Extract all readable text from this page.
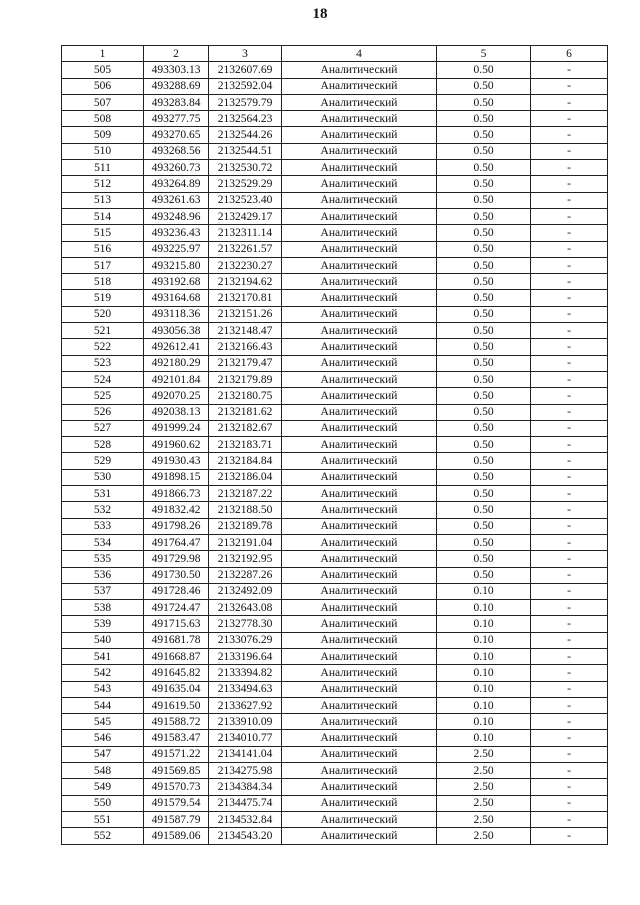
18
1	2	3	4	5	6
505	493303.13	2132607.69	Аналитический	0.50	-
506	493288.69	2132592.04	Аналитический	0.50	-
507	493283.84	2132579.79	Аналитический	0.50	-
508	493277.75	2132564.23	Аналитический	0.50	-
509	493270.65	2132544.26	Аналитический	0.50	-
510	493268.56	2132544.51	Аналитический	0.50	-
511	493260.73	2132530.72	Аналитический	0.50	-
512	493264.89	2132529.29	Аналитический	0.50	-
513	493261.63	2132523.40	Аналитический	0.50	-
514	493248.96	2132429.17	Аналитический	0.50	-
515	493236.43	2132311.14	Аналитический	0.50	-
516	493225.97	2132261.57	Аналитический	0.50	-
517	493215.80	2132230.27	Аналитический	0.50	-
518	493192.68	2132194.62	Аналитический	0.50	-
519	493164.68	2132170.81	Аналитический	0.50	-
520	493118.36	2132151.26	Аналитический	0.50	-
521	493056.38	2132148.47	Аналитический	0.50	-
522	492612.41	2132166.43	Аналитический	0.50	-
523	492180.29	2132179.47	Аналитический	0.50	-
524	492101.84	2132179.89	Аналитический	0.50	-
525	492070.25	2132180.75	Аналитический	0.50	-
526	492038.13	2132181.62	Аналитический	0.50	-
527	491999.24	2132182.67	Аналитический	0.50	-
528	491960.62	2132183.71	Аналитический	0.50	-
529	491930.43	2132184.84	Аналитический	0.50	-
530	491898.15	2132186.04	Аналитический	0.50	-
531	491866.73	2132187.22	Аналитический	0.50	-
532	491832.42	2132188.50	Аналитический	0.50	-
533	491798.26	2132189.78	Аналитический	0.50	-
534	491764.47	2132191.04	Аналитический	0.50	-
535	491729.98	2132192.95	Аналитический	0.50	-
536	491730.50	2132287.26	Аналитический	0.50	-
537	491728.46	2132492.09	Аналитический	0.10	-
538	491724.47	2132643.08	Аналитический	0.10	-
539	491715.63	2132778.30	Аналитический	0.10	-
540	491681.78	2133076.29	Аналитический	0.10	-
541	491668.87	2133196.64	Аналитический	0.10	-
542	491645.82	2133394.82	Аналитический	0.10	-
543	491635.04	2133494.63	Аналитический	0.10	-
544	491619.50	2133627.92	Аналитический	0.10	-
545	491588.72	2133910.09	Аналитический	0.10	-
546	491583.47	2134010.77	Аналитический	0.10	-
547	491571.22	2134141.04	Аналитический	2.50	-
548	491569.85	2134275.98	Аналитический	2.50	-
549	491570.73	2134384.34	Аналитический	2.50	-
550	491579.54	2134475.74	Аналитический	2.50	-
551	491587.79	2134532.84	Аналитический	2.50	-
552	491589.06	2134543.20	Аналитический	2.50	-
